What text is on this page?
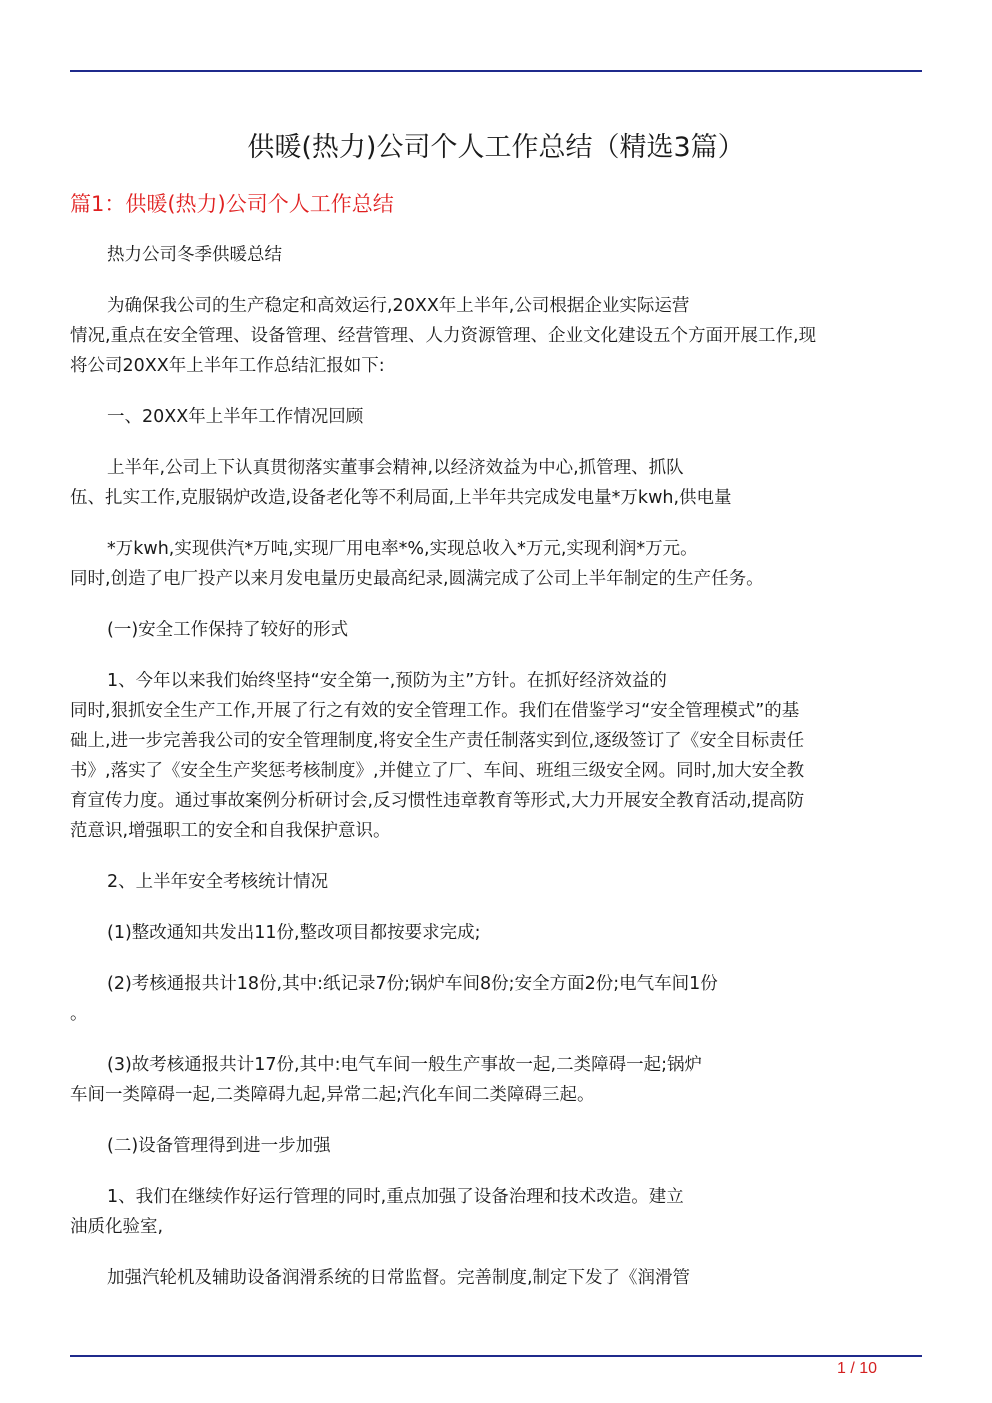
供暖(热力)公司个人工作总结（精选3篇）
篇1：供暖(热力)公司个人工作总结

热力公司冬季供暖总结

为确保我公司的生产稳定和高效运行,20XX年上半年,公司根据企业实际运营
情况,重点在安全管理、设备管理、经营管理、人力资源管理、企业文化建设五个方面开展工作,现
将公司20XX年上半年工作总结汇报如下:

一、20XX年上半年工作情况回顾

上半年,公司上下认真贯彻落实董事会精神,以经济效益为中心,抓管理、抓队
伍、扎实工作,克服锅炉改造,设备老化等不利局面,上半年共完成发电量*万kwh,供电量

*万kwh,实现供汽*万吨,实现厂用电率*%,实现总收入*万元,实现利润*万元。
同时,创造了电厂投产以来月发电量历史最高纪录,圆满完成了公司上半年制定的生产任务。

(一)安全工作保持了较好的形式

1、今年以来我们始终坚持“安全第一,预防为主”方针。在抓好经济效益的
同时,狠抓安全生产工作,开展了行之有效的安全管理工作。我们在借鉴学习“安全管理模式”的基
础上,进一步完善我公司的安全管理制度,将安全生产责任制落实到位,逐级签订了《安全目标责任
书》,落实了《安全生产奖惩考核制度》,并健立了厂、车间、班组三级安全网。同时,加大安全教
育宣传力度。通过事故案例分析研讨会,反习惯性违章教育等形式,大力开展安全教育活动,提高防
范意识,增强职工的安全和自我保护意识。

2、上半年安全考核统计情况

(1)整改通知共发出11份,整改项目都按要求完成;

(2)考核通报共计18份,其中:纸记录7份;锅炉车间8份;安全方面2份;电气车间1份
。

(3)故考核通报共计17份,其中:电气车间一般生产事故一起,二类障碍一起;锅炉
车间一类障碍一起,二类障碍九起,异常二起;汽化车间二类障碍三起。

(二)设备管理得到进一步加强

1、我们在继续作好运行管理的同时,重点加强了设备治理和技术改造。建立
油质化验室,

加强汽轮机及辅助设备润滑系统的日常监督。完善制度,制定下发了《润滑管

1 / 10
